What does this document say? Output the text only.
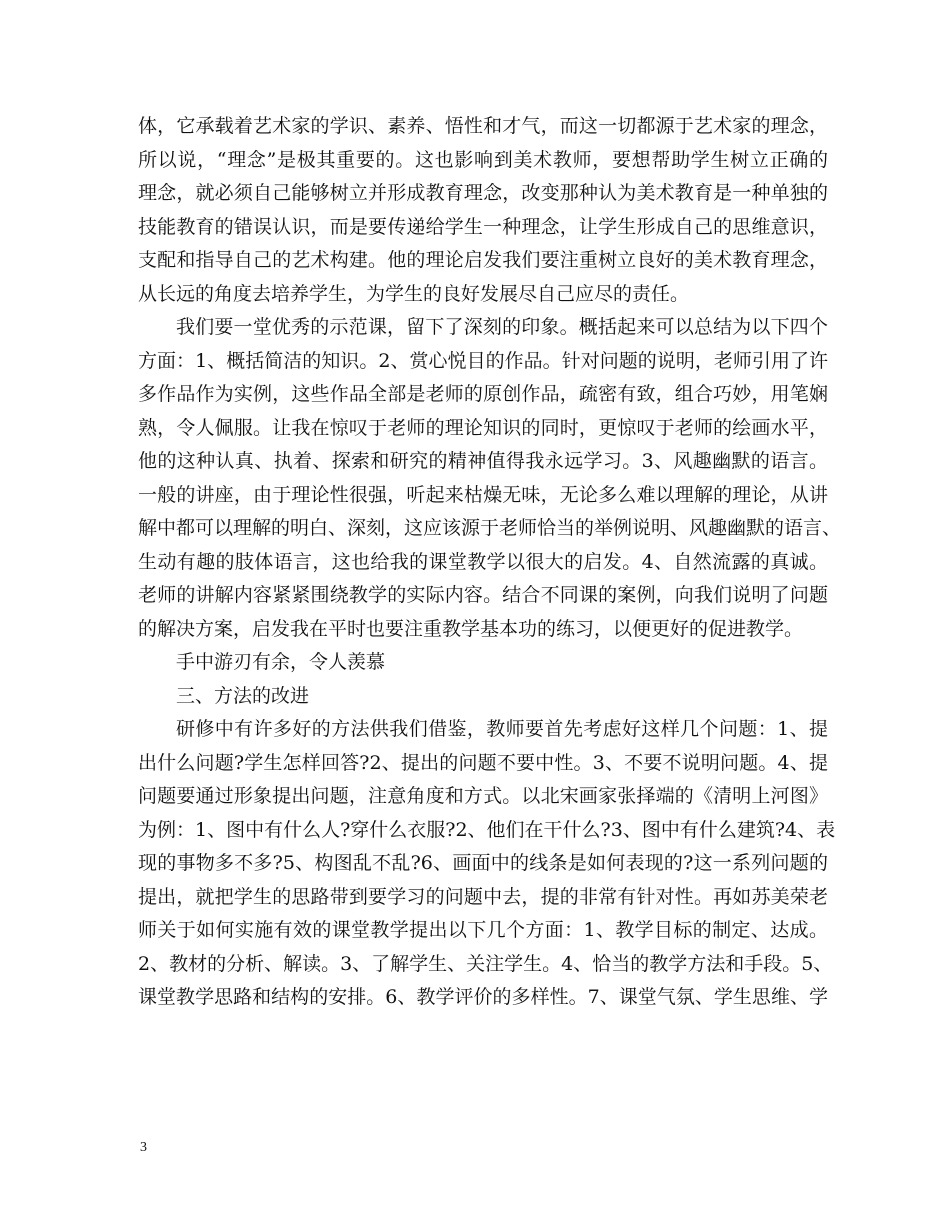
体，它承载着艺术家的学识、素养、悟性和才气，而这一切都源于艺术家的理念，
所以说，“理念”是极其重要的。这也影响到美术教师，要想帮助学生树立正确的
理念，就必须自己能够树立并形成教育理念，改变那种认为美术教育是一种单独的
技能教育的错误认识，而是要传递给学生一种理念，让学生形成自己的思维意识，
支配和指导自己的艺术构建。他的理论启发我们要注重树立良好的美术教育理念，
从长远的角度去培养学生，为学生的良好发展尽自己应尽的责任。
我们要一堂优秀的示范课，留下了深刻的印象。概括起来可以总结为以下四个
方面：1、概括简洁的知识。2、赏心悦目的作品。针对问题的说明，老师引用了许
多作品作为实例，这些作品全部是老师的原创作品，疏密有致，组合巧妙，用笔娴
熟，令人佩服。让我在惊叹于老师的理论知识的同时，更惊叹于老师的绘画水平，
他的这种认真、执着、探索和研究的精神值得我永远学习。3、风趣幽默的语言。
一般的讲座，由于理论性很强，听起来枯燥无味，无论多么难以理解的理论，从讲
解中都可以理解的明白、深刻，这应该源于老师恰当的举例说明、风趣幽默的语言、
生动有趣的肢体语言，这也给我的课堂教学以很大的启发。4、自然流露的真诚。
老师的讲解内容紧紧围绕教学的实际内容。结合不同课的案例，向我们说明了问题
的解决方案，启发我在平时也要注重教学基本功的练习，以便更好的促进教学。
手中游刃有余，令人羡慕
三、方法的改进
研修中有许多好的方法供我们借鉴，教师要首先考虑好这样几个问题：1、提
出什么问题?学生怎样回答?2、提出的问题不要中性。3、不要不说明问题。4、提
问题要通过形象提出问题，注意角度和方式。以北宋画家张择端的《清明上河图》
为例：1、图中有什么人?穿什么衣服?2、他们在干什么?3、图中有什么建筑?4、表
现的事物多不多?5、构图乱不乱?6、画面中的线条是如何表现的?这一系列问题的
提出，就把学生的思路带到要学习的问题中去，提的非常有针对性。再如苏美荣老
师关于如何实施有效的课堂教学提出以下几个方面：1、教学目标的制定、达成。
2、教材的分析、解读。3、了解学生、关注学生。4、恰当的教学方法和手段。5、
课堂教学思路和结构的安排。6、教学评价的多样性。7、课堂气氛、学生思维、学
3
